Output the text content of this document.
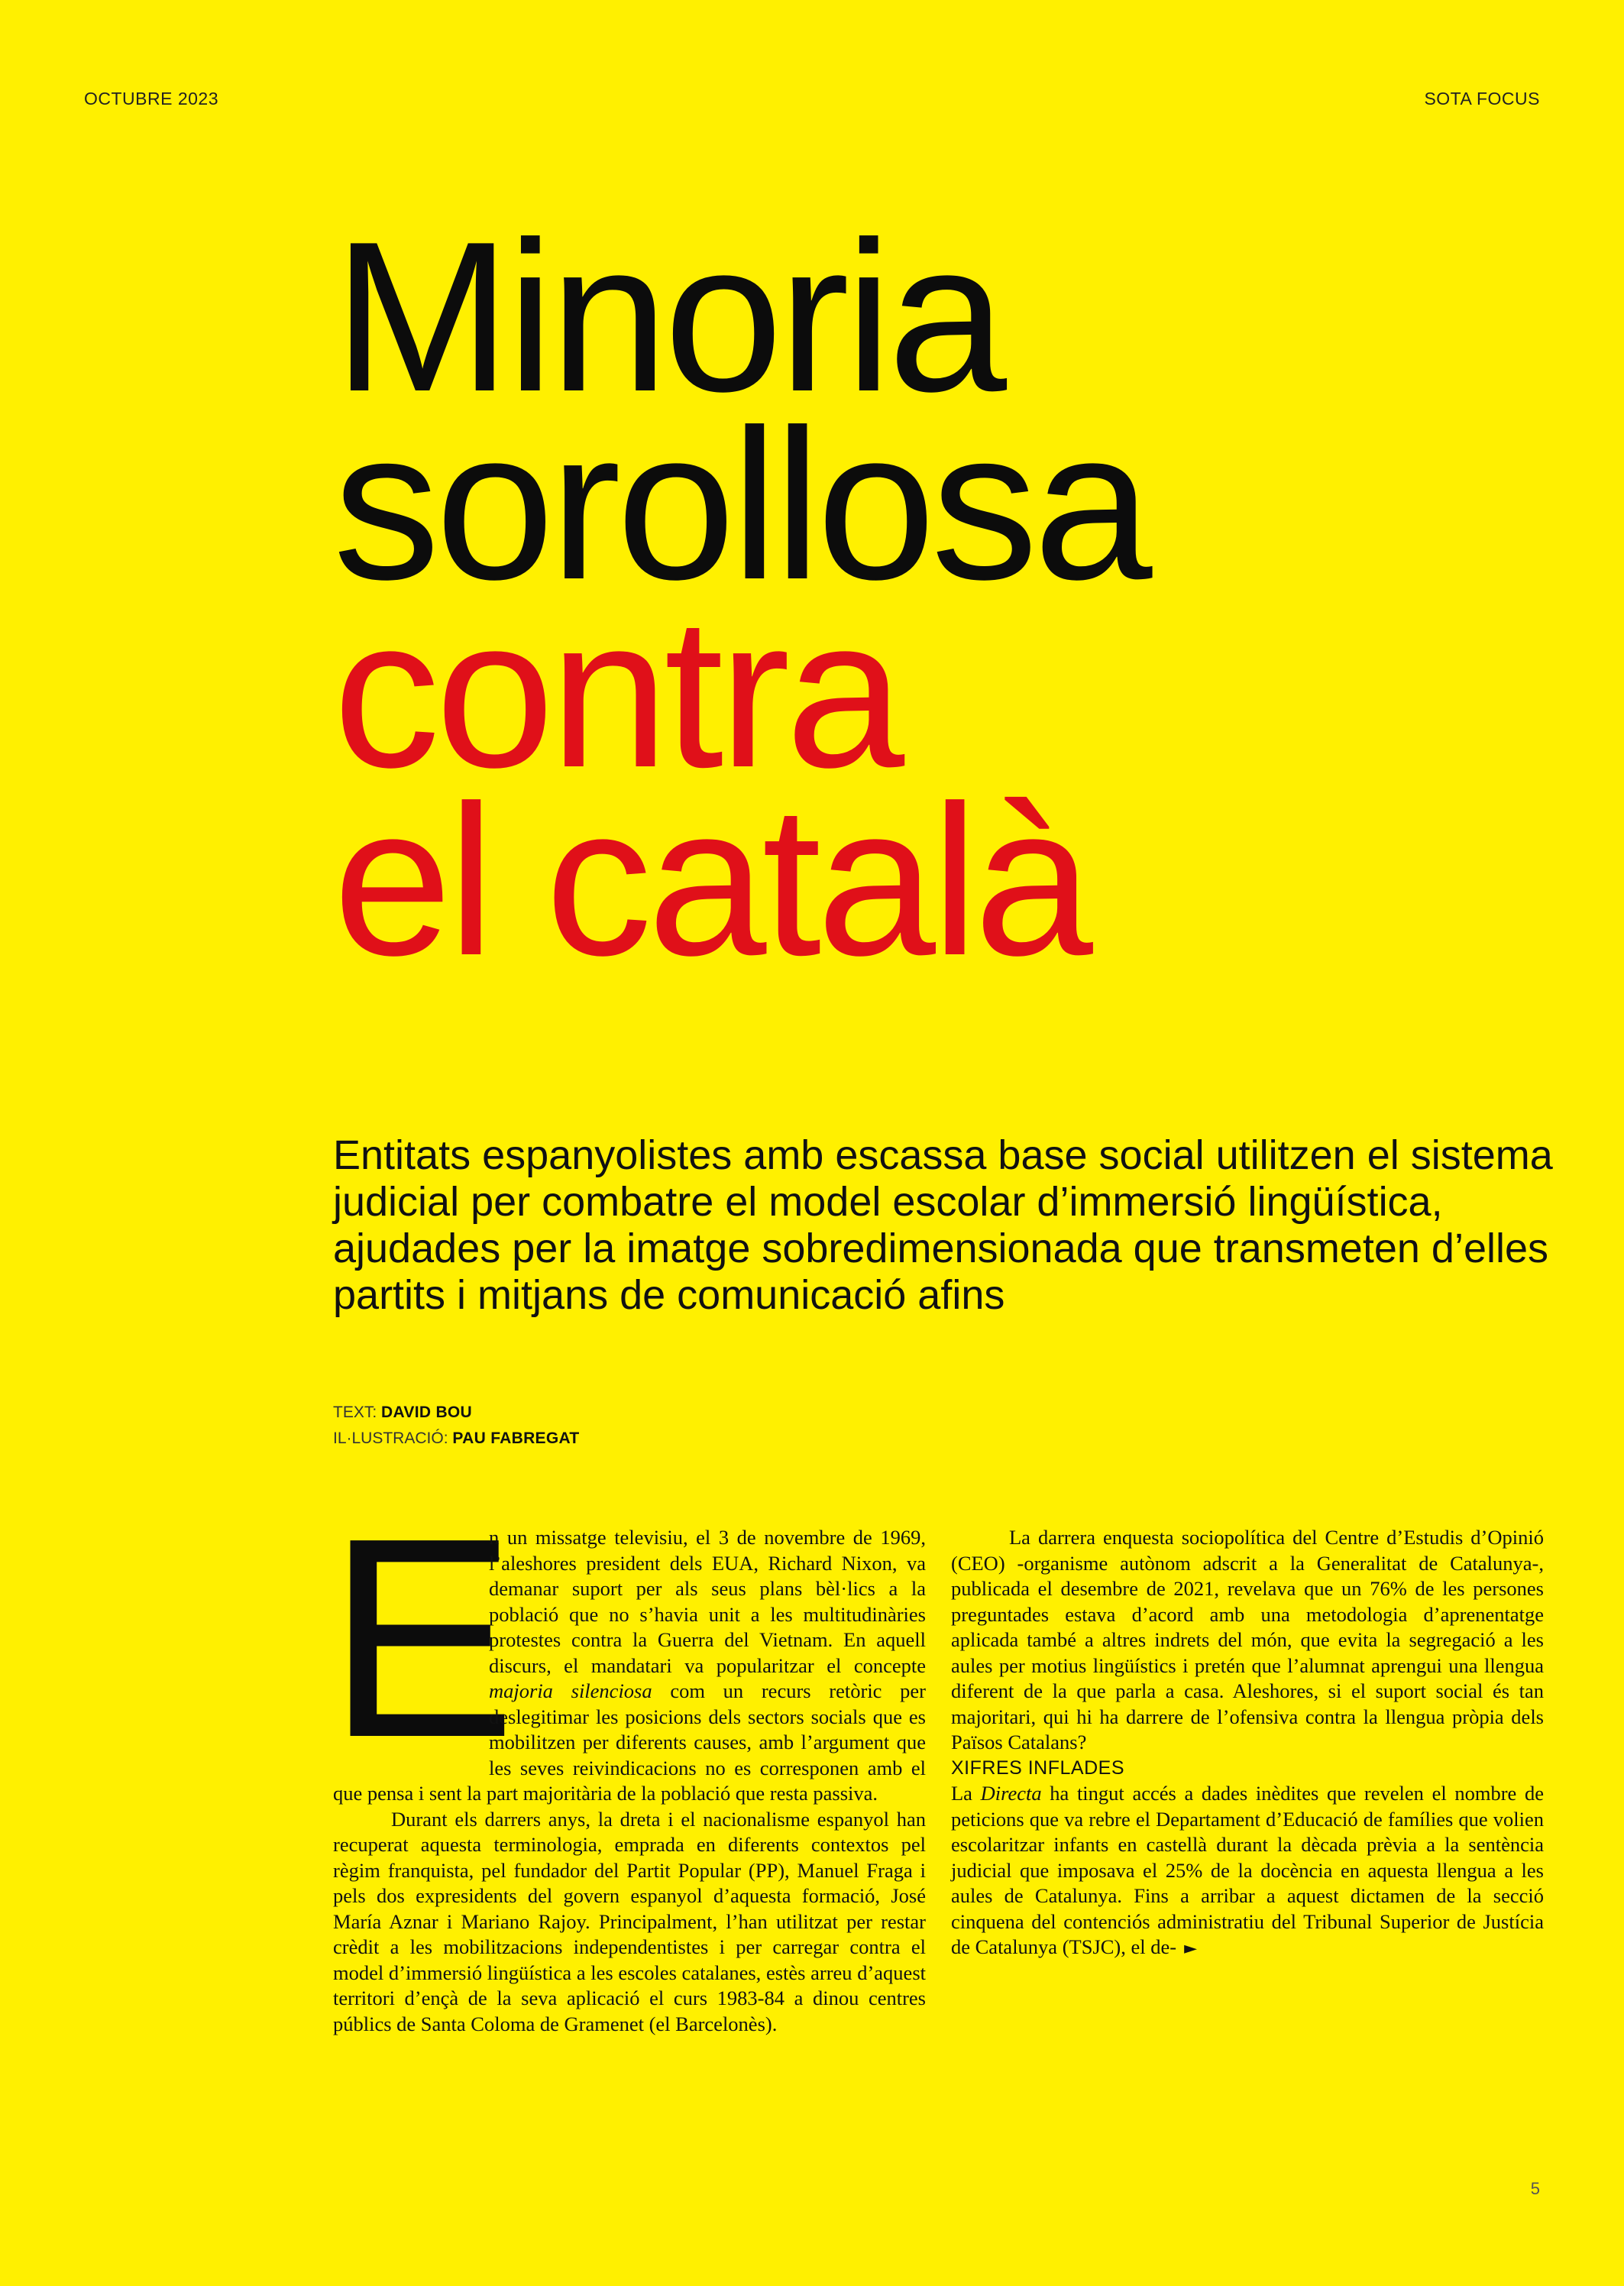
OCTUBRE 2023	SOTA FOCUS
Minoria
sorollosa
contra
el català

Entitats espanyolistes amb escassa base social utilitzen el sistema judicial per combatre el model escolar d’immersió lingüística, ajudades per la imatge sobredimensionada que transmeten d’elles partits i mitjans de comunicació afins

TEXT: DAVID BOU
IL·LUSTRACIÓ: PAU FABREGAT
E

n un missatge televisiu, el 3 de novembre de 1969, l’aleshores president dels EUA, Richard Nixon, va demanar suport per als seus plans bèl·lics a la població que no s’havia unit a les multitudinàries protestes contra la Guerra del Vietnam. En aquell discurs, el mandatari va popularitzar el concepte majoria silenciosa com un recurs retòric per deslegitimar les posicions dels sectors socials que es mobilitzen per diferents causes, amb l’argument que les seves reivindicacions no es corresponen amb el que pensa i sent la part majoritària de la població que resta passiva.

Durant els darrers anys, la dreta i el nacionalisme espanyol han recuperat aquesta terminologia, emprada en diferents contextos pel règim franquista, pel fundador del Partit Popular (PP), Manuel Fraga i pels dos expresidents del govern espanyol d’aquesta formació, José María Aznar i Mariano Rajoy. Principalment, l’han utilitzat per restar crèdit a les mobilitzacions independentistes i per carregar contra el model d’immersió lingüística a les escoles catalanes, estès arreu d’aquest territori d’ençà de la seva aplicació el curs 1983-84 a dinou centres públics de Santa Coloma de Gramenet (el Barcelonès).

La darrera enquesta sociopolítica del Centre d’Estudis d’Opinió (CEO) -organisme autònom adscrit a la Generalitat de Catalunya-, publicada el desembre de 2021, revelava que un 76% de les persones preguntades estava d’acord amb una metodologia d’aprenentatge aplicada també a altres indrets del món, que evita la segregació a les aules per motius lingüístics i pretén que l’alumnat aprengui una llengua diferent de la que parla a casa. Aleshores, si el suport social és tan majoritari, qui hi ha darrere de l’ofensiva contra la llengua pròpia dels Països Catalans?

XIFRES INFLADES

La Directa ha tingut accés a dades inèdites que revelen el nombre de peticions que va rebre el Departament d’Educació de famílies que volien escolaritzar infants en castellà durant la dècada prèvia a la sentència judicial que imposava el 25% de la docència en aquesta llengua a les aules de Catalunya. Fins a arribar a aquest dictamen de la secció cinquena del contenciós administratiu del Tribunal Superior de Justícia de Catalunya (TSJC), el de- ►

5
